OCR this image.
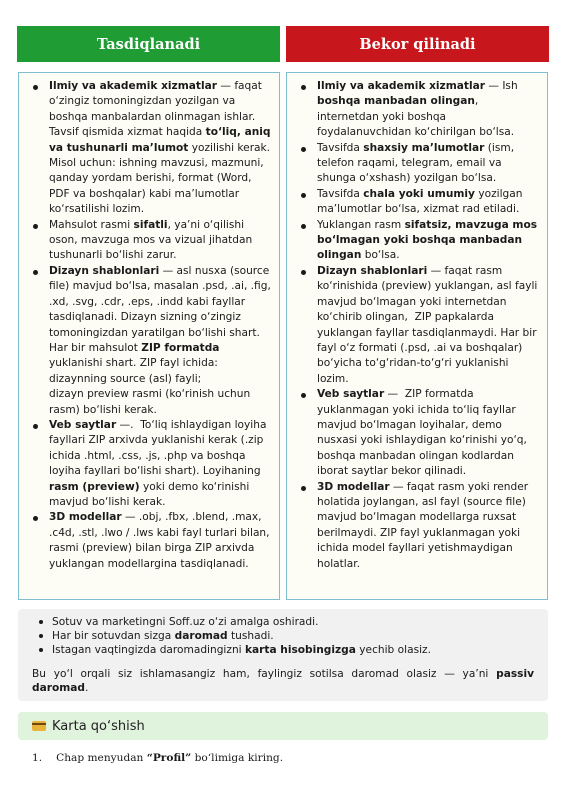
Tasdiqlanadi	Bekor qilinadi
Ilmiy va akademik xizmatlar — faqat o‘zingiz tomoningizdan yozilgan va boshqa manbalardan olinmagan ishlar. Tavsif qismida xizmat haqida to‘liq, aniq va tushunarli ma’lumot yozilishi kerak. Misol uchun: ishning mavzusi, mazmuni, qanday yordam berishi, format (Word, PDF va boshqalar) kabi ma’lumotlar ko‘rsatilishi lozim.
Mahsulot rasmi sifatli, ya’ni o‘qilishi oson, mavzuga mos va vizual jihatdan tushunarli bo‘lishi zarur.
Dizayn shablonlari — asl nusxa (source file) mavjud bo‘lsa, masalan .psd, .ai, .fig, .xd, .svg, .cdr, .eps, .indd kabi fayllar tasdiqlanadi. Dizayn sizning o‘zingiz tomoningizdan yaratilgan bo‘lishi shart. Har bir mahsulot ZIP formatda yuklanishi shart. ZIP fayl ichida:
dizaynning source (asl) fayli;
dizayn preview rasmi (ko‘rinish uchun rasm) bo‘lishi kerak.
Veb saytlar —.  To‘liq ishlaydigan loyiha fayllari ZIP arxivda yuklanishi kerak (.zip ichida .html, .css, .js, .php va boshqa loyiha fayllari bo‘lishi shart). Loyihaning rasm (preview) yoki demo ko‘rinishi mavjud bo‘lishi kerak.
3D modellar — .obj, .fbx, .blend, .max, .c4d, .stl, .lwo / .lws kabi fayl turlari bilan, rasmi (preview) bilan birga ZIP arxivda yuklangan modellargina tasdiqlanadi.
Ilmiy va akademik xizmatlar — Ish boshqa manbadan olingan, internetdan yoki boshqa foydalanuvchidan ko‘chirilgan bo‘lsa.
Tavsifda shaxsiy ma’lumotlar (ism, telefon raqami, telegram, email va shunga o‘xshash) yozilgan bo‘lsa.
Tavsifda chala yoki umumiy yozilgan ma’lumotlar bo‘lsa, xizmat rad etiladi.
Yuklangan rasm sifatsiz, mavzuga mos bo‘lmagan yoki boshqa manbadan olingan bo‘lsa.
Dizayn shablonlari — faqat rasm ko‘rinishida (preview) yuklangan, asl fayli mavjud bo‘lmagan yoki internetdan ko‘chirib olingan,  ZIP papkalarda yuklangan fayllar tasdiqlanmaydi. Har bir fayl o‘z formati (.psd, .ai va boshqalar) bo‘yicha to‘g‘ridan-to‘g‘ri yuklanishi lozim.
Veb saytlar —  ZIP formatda yuklanmagan yoki ichida to‘liq fayllar mavjud bo‘lmagan loyihalar, demo nusxasi yoki ishlaydigan ko‘rinishi yo‘q, boshqa manbadan olingan kodlardan iborat saytlar bekor qilinadi.
3D modellar — faqat rasm yoki render holatida joylangan, asl fayl (source file) mavjud bo‘lmagan modellarga ruxsat berilmaydi. ZIP fayl yuklanmagan yoki ichida model fayllari yetishmaydigan holatlar.
Sotuv va marketingni Soff.uz o‘zi amalga oshiradi.
Har bir sotuvdan sizga daromad tushadi.
Istagan vaqtingizda daromadingizni karta hisobingizga yechib olasiz.

Bu yo‘l orqali siz ishlamasangiz ham, faylingiz sotilsa daromad olasiz — ya’ni passiv daromad.

Karta qo‘shish
1. Chap menyudan “Profil” bo‘limiga kiring.
